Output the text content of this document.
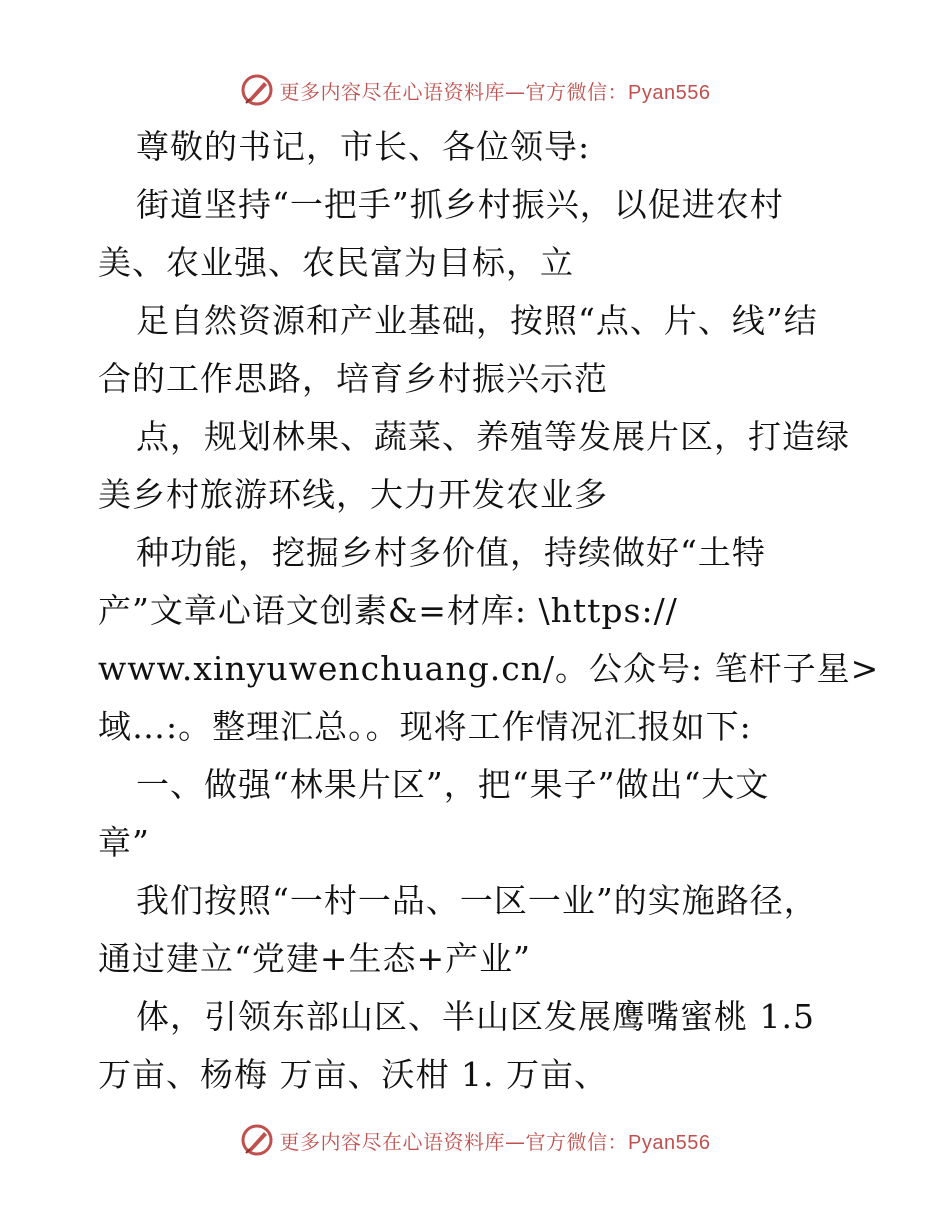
更多内容尽在心语资料库—官方微信：Pyan556
尊敬的书记，市长、各位领导:
街道坚持“一把手”抓乡村振兴，以促进农村
美、农业强、农民富为目标，立
足自然资源和产业基础，按照“点、片、线”结
合的工作思路，培育乡村振兴示范
点，规划林果、蔬菜、养殖等发展片区，打造绿
美乡村旅游环线，大力开发农业多
种功能，挖掘乡村多价值，持续做好“土特
产”文章心语文创素&=材库: \https://
www.xinyuwenchuang.cn/。公众号: 笔杆子星>
域…:。整理汇总。。现将工作情况汇报如下:
一、做强“林果片区”，把“果子”做出“大文
章”
我们按照“一村一品、一区一业”的实施路径，
通过建立“党建+生态+产业”
体，引领东部山区、半山区发展鹰嘴蜜桃 1.5
万亩、杨梅 万亩、沃柑 1. 万亩、
更多内容尽在心语资料库—官方微信：Pyan556
